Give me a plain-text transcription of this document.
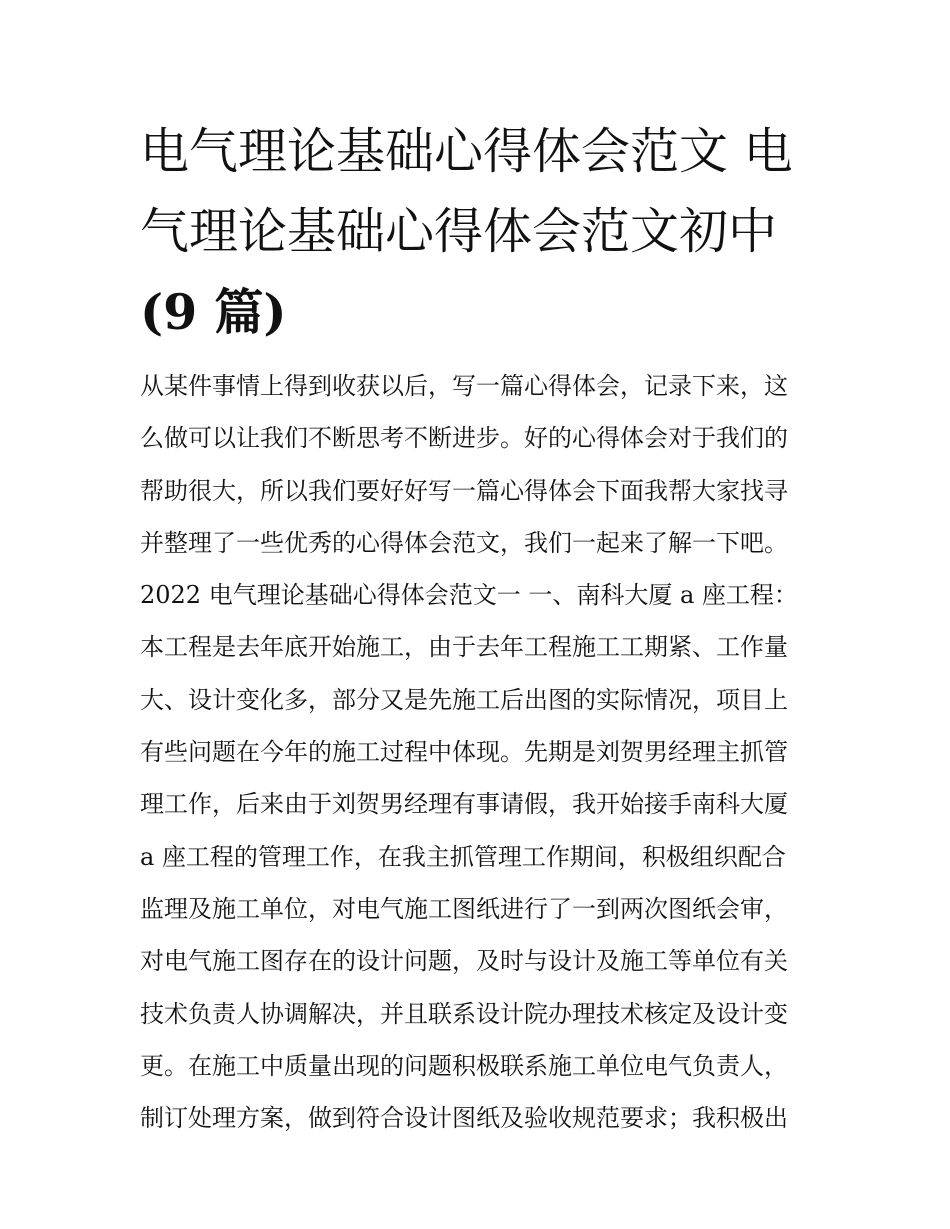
电气理论基础心得体会范文 电
气理论基础心得体会范文初中
(9 篇)
从某件事情上得到收获以后，写一篇心得体会，记录下来，这
么做可以让我们不断思考不断进步。好的心得体会对于我们的
帮助很大，所以我们要好好写一篇心得体会下面我帮大家找寻
并整理了一些优秀的心得体会范文，我们一起来了解一下吧。
2022 电气理论基础心得体会范文一 一、南科大厦 a 座工程：
本工程是去年底开始施工，由于去年工程施工工期紧、工作量
大、设计变化多，部分又是先施工后出图的实际情况，项目上
有些问题在今年的施工过程中体现。先期是刘贺男经理主抓管
理工作，后来由于刘贺男经理有事请假，我开始接手南科大厦
a 座工程的管理工作，在我主抓管理工作期间，积极组织配合
监理及施工单位，对电气施工图纸进行了一到两次图纸会审，
对电气施工图存在的设计问题，及时与设计及施工等单位有关
技术负责人协调解决，并且联系设计院办理技术核定及设计变
更。在施工中质量出现的问题积极联系施工单位电气负责人，
制订处理方案，做到符合设计图纸及验收规范要求；我积极出
